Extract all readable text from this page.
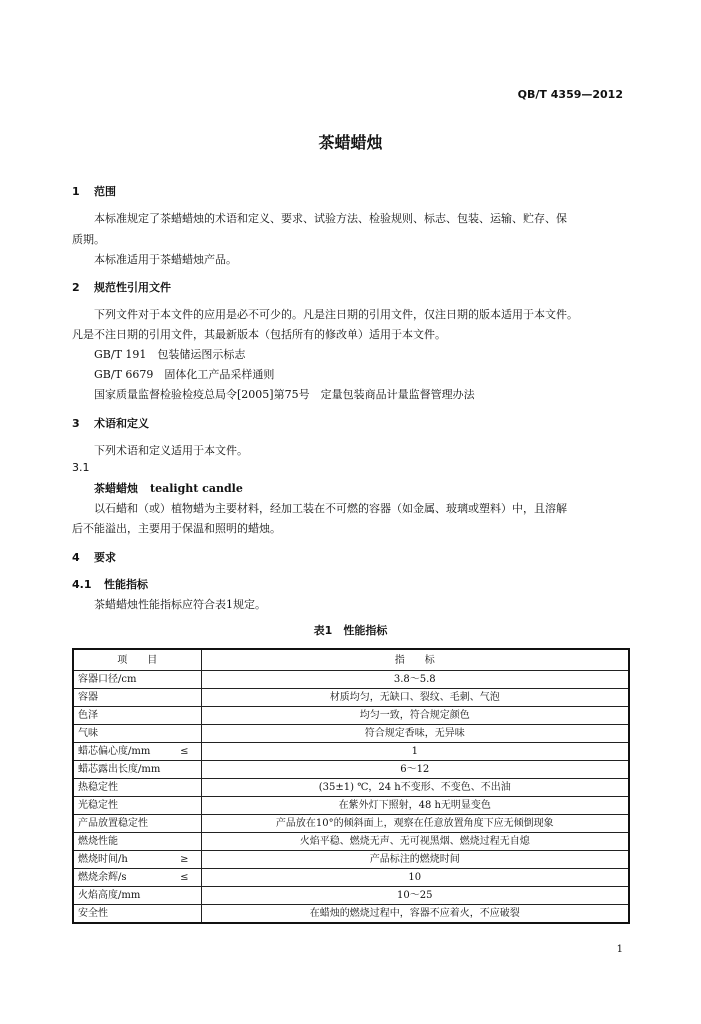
QB/T 4359—2012
茶蜡蜡烛
1 范围
本标准规定了茶蜡蜡烛的术语和定义、要求、试验方法、检验规则、标志、包装、运输、贮存、保
质期。
本标准适用于茶蜡蜡烛产品。
2 规范性引用文件
下列文件对于本文件的应用是必不可少的。凡是注日期的引用文件，仅注日期的版本适用于本文件。
凡是不注日期的引用文件，其最新版本（包括所有的修改单）适用于本文件。
GB/T 191　包装储运图示标志
GB/T 6679　固体化工产品采样通则
国家质量监督检验检疫总局令[2005]第75号　定量包装商品计量监督管理办法
3 术语和定义
下列术语和定义适用于本文件。
3.1
茶蜡蜡烛 tealight candle
以石蜡和（或）植物蜡为主要材料，经加工装在不可燃的容器（如金属、玻璃或塑料）中，且溶解
后不能溢出，主要用于保温和照明的蜡烛。
4 要求
4.1 性能指标
茶蜡蜡烛性能指标应符合表1规定。
表1　性能指标
项　　目	指　　标
容器口径/cm	3.8～5.8
容器	材质均匀，无缺口、裂纹、毛刺、气泡
色泽	均匀一致，符合规定颜色
气味	符合规定香味，无异味
蜡芯偏心度/mm ≤	1
蜡芯露出长度/mm	6～12
热稳定性	(35±1) ℃，24 h不变形、不变色、不出油
光稳定性	在紫外灯下照射，48 h无明显变色
产品放置稳定性	产品放在10°的倾斜面上，观察在任意放置角度下应无倾倒现象
燃烧性能	火焰平稳、燃烧无声、无可视黑烟、燃烧过程无自熄
燃烧时间/h ≥	产品标注的燃烧时间
燃烧余辉/s ≤	10
火焰高度/mm	10～25
安全性	在蜡烛的燃烧过程中，容器不应着火，不应破裂
1
